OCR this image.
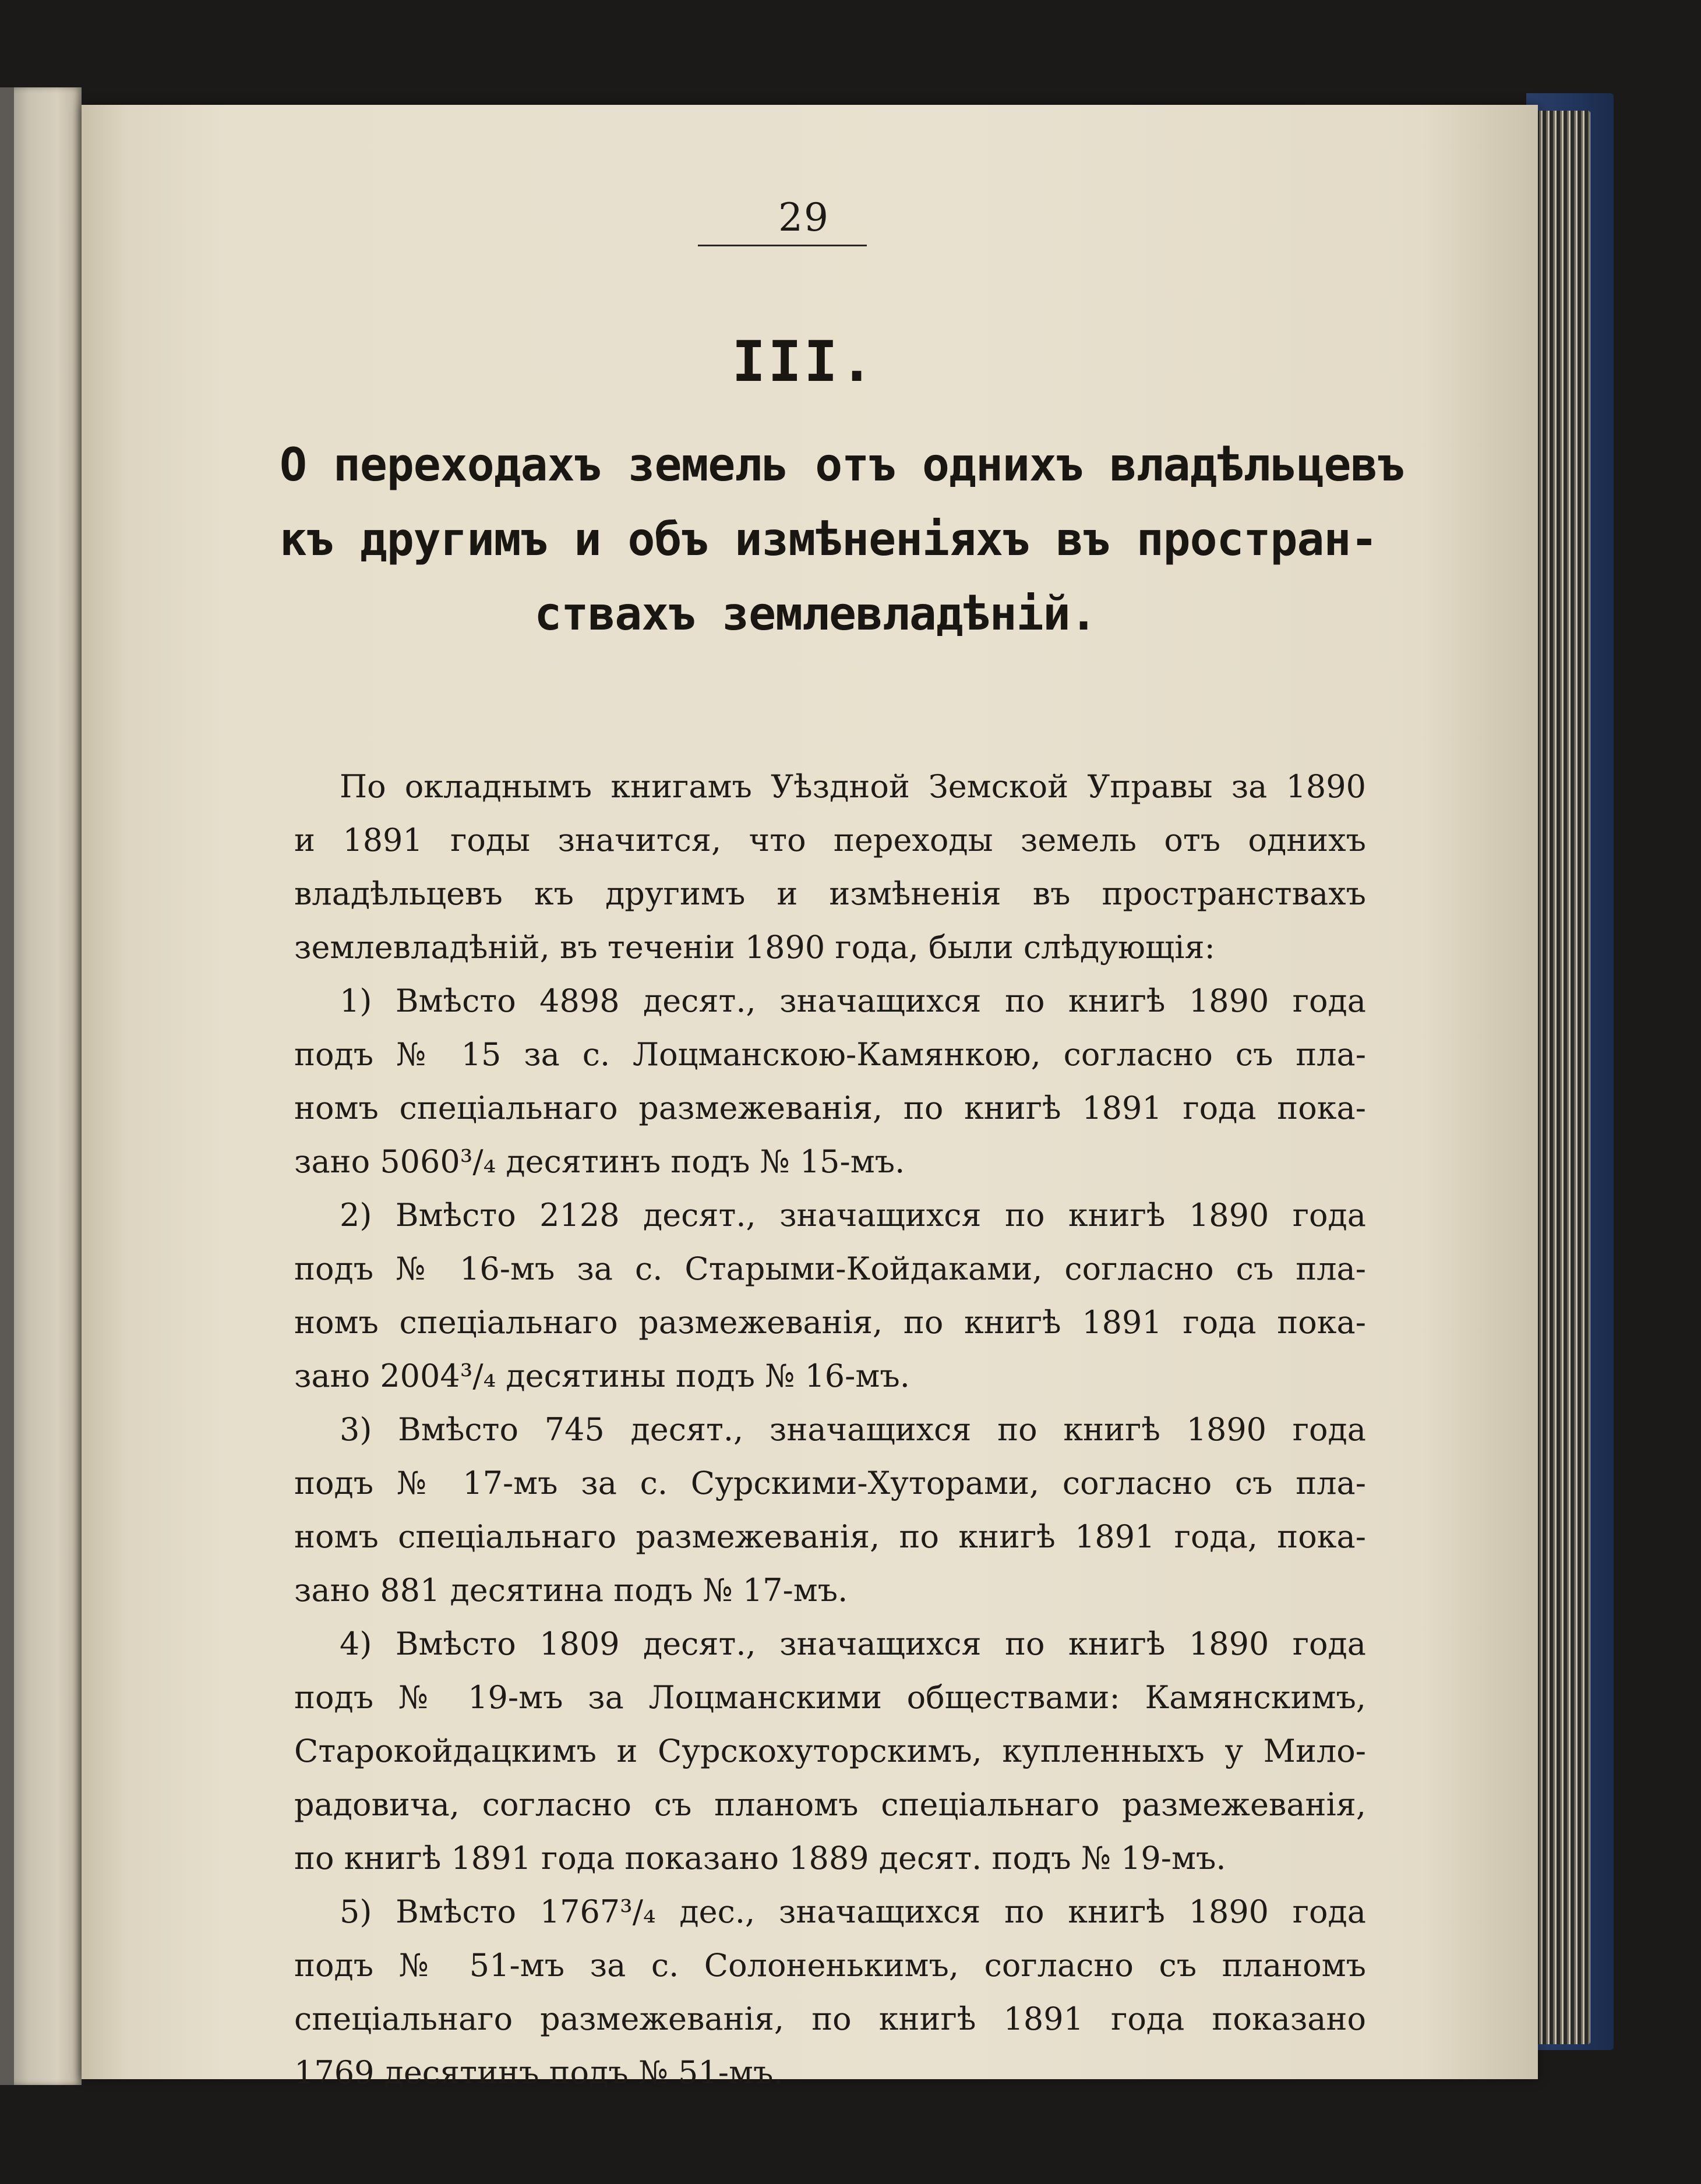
29
III.
О переходахъ земель отъ однихъ владѣльцевъ
къ другимъ и объ измѣненіяхъ въ простран-
ствахъ землевладѣній.
По окладнымъ книгамъ Уѣздной Земской Управы за 1890
и 1891 годы значится, что переходы земель отъ однихъ
владѣльцевъ къ другимъ и измѣненія въ пространствахъ
землевладѣній, въ теченіи 1890 года, были слѣдующія:
1) Вмѣсто 4898 десят., значащихся по книгѣ 1890 года
подъ № 15 за с. Лоцманскою-Камянкою, согласно съ пла-
номъ спеціальнаго размежеванія, по книгѣ 1891 года пока-
зано 5060³/₄ десятинъ подъ № 15-мъ.
2) Вмѣсто 2128 десят., значащихся по книгѣ 1890 года
подъ № 16-мъ за с. Старыми-Койдаками, согласно съ пла-
номъ спеціальнаго размежеванія, по книгѣ 1891 года пока-
зано 2004³/₄ десятины подъ № 16-мъ.
3) Вмѣсто 745 десят., значащихся по книгѣ 1890 года
подъ № 17-мъ за с. Сурскими-Хуторами, согласно съ пла-
номъ спеціальнаго размежеванія, по книгѣ 1891 года, пока-
зано 881 десятина подъ № 17-мъ.
4) Вмѣсто 1809 десят., значащихся по книгѣ 1890 года
подъ № 19-мъ за Лоцманскими обществами: Камянскимъ,
Старокойдацкимъ и Сурскохуторскимъ, купленныхъ у Мило-
радовича, согласно съ планомъ спеціальнаго размежеванія,
по книгѣ 1891 года показано 1889 десят. подъ № 19-мъ.
5) Вмѣсто 1767³/₄ дес., значащихся по книгѣ 1890 года
подъ № 51-мъ за с. Солоненькимъ, согласно съ планомъ
спеціальнаго размежеванія, по книгѣ 1891 года показано
1769 десятинъ подъ № 51-мъ.
